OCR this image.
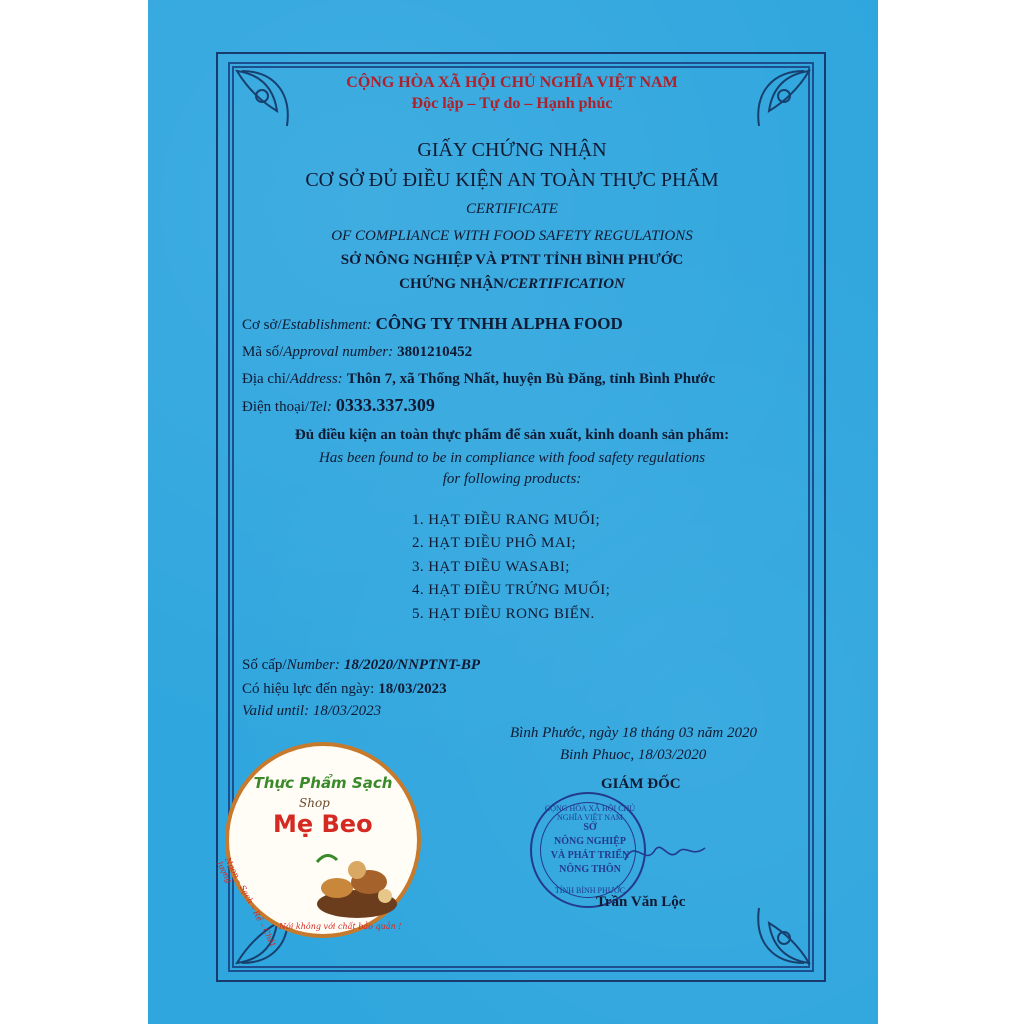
CỘNG HÒA XÃ HỘI CHỦ NGHĨA VIỆT NAM
Độc lập – Tự do – Hạnh phúc
GIẤY CHỨNG NHẬN
CƠ SỞ ĐỦ ĐIỀU KIỆN AN TOÀN THỰC PHẨM
CERTIFICATE
OF COMPLIANCE WITH FOOD SAFETY REGULATIONS
SỞ NÔNG NGHIỆP VÀ PTNT TỈNH BÌNH PHƯỚC
CHỨNG NHẬN/CERTIFICATION
Cơ sở/Establishment: CÔNG TY TNHH ALPHA FOOD
Mã số/Approval number: 3801210452
Địa chỉ/Address: Thôn 7, xã Thống Nhất, huyện Bù Đăng, tỉnh Bình Phước
Điện thoại/Tel: 0333.337.309
Đủ điều kiện an toàn thực phẩm để sản xuất, kinh doanh sản phẩm:
Has been found to be in compliance with food safety regulations
for following products:
1. HẠT ĐIỀU RANG MUỐI;
2. HẠT ĐIỀU PHÔ MAI;
3. HẠT ĐIỀU WASABI;
4. HẠT ĐIỀU TRỨNG MUỐI;
5. HẠT ĐIỀU RONG BIỂN.
Số cấp/Number: 18/2020/NNPTNT-BP
Có hiệu lực đến ngày: 18/03/2023
Valid until: 18/03/2023
Bình Phước, ngày 18 tháng 03 năm 2020
Binh Phuoc, 18/03/2020
GIÁM ĐỐC
CỘNG HÒA XÃ HỘI CHỦ NGHĨA VIỆT NAM
SỞ
NÔNG NGHIỆP
VÀ PHÁT TRIỂN
NÔNG THÔN
TỈNH BÌNH PHƯỚC
Trần Văn Lộc
Thực Phẩm Sạch
Shop
Mẹ Beo
Ngon – Sạch – Rẻ – Chất lượng
Nói không với chất bảo quản !
